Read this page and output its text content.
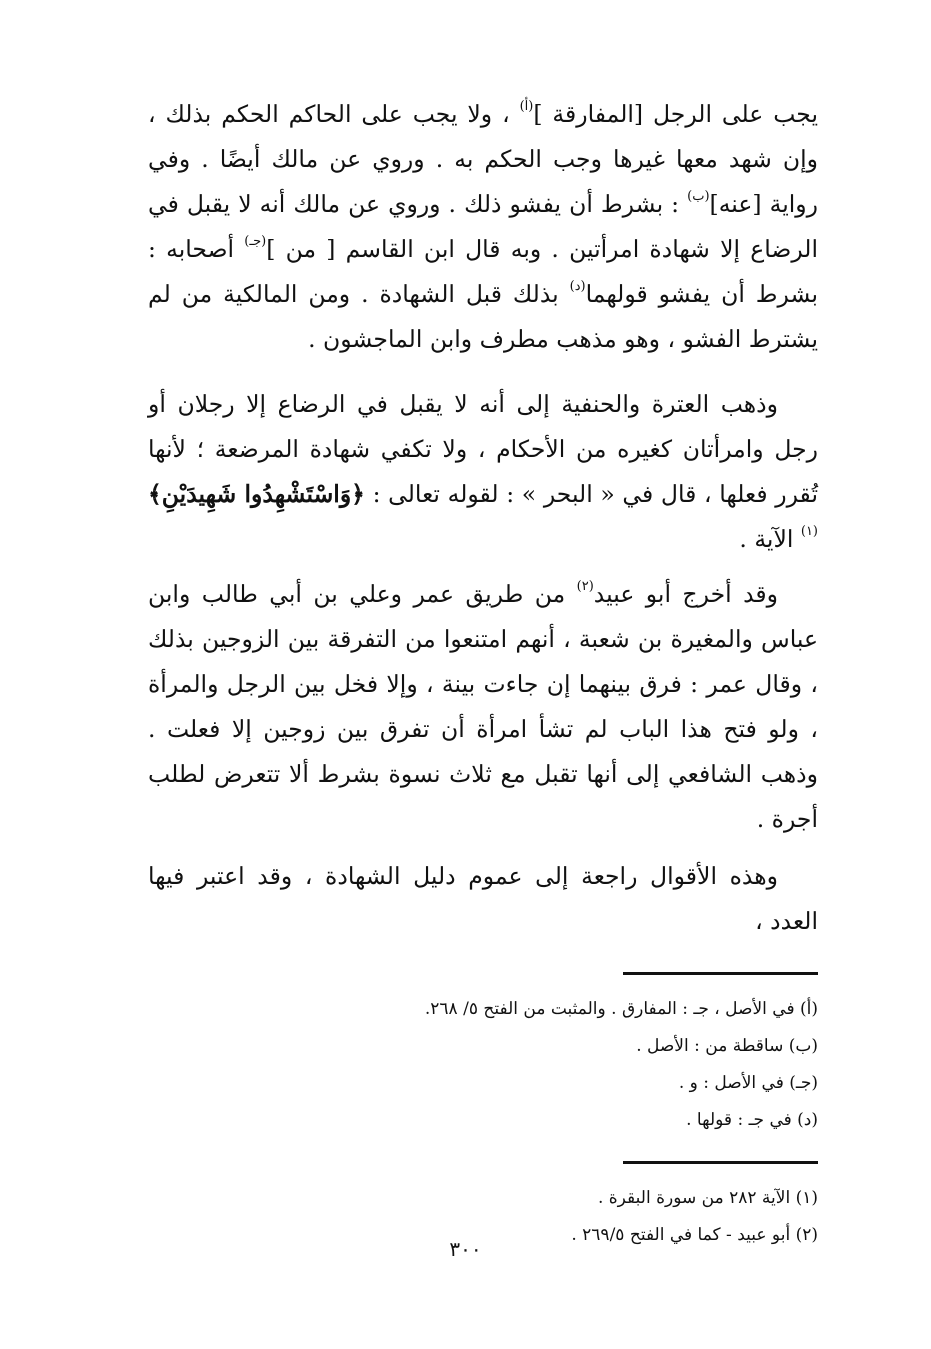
يجب على الرجل [المفارقة ]$^{(أ)}$ ، ولا يجب على الحاكم الحكم بذلك ، وإن شهد معها غيرها وجب الحكم به . وروي عن مالك أيضًا . وفي رواية [عنه]$^{(ب)}$ : بشرط أن يفشو ذلك . وروي عن مالك أنه لا يقبل في الرضاع إلا شهادة امرأتين . وبه قال ابن القاسم [ من ]$^{(جـ)}$ أصحابه : بشرط أن يفشو قولهما$^{(د)}$ بذلك قبل الشهادة . ومن المالكية من لم يشترط الفشو ، وهو مذهب مطرف وابن الماجشون .

وذهب العترة والحنفية إلى أنه لا يقبل في الرضاع إلا رجلان أو رجل وامرأتان كغيره من الأحكام ، ولا تكفي شهادة المرضعة ؛ لأنها تُقرر فعلها ، قال في « البحر » : لقوله تعالى : ﴿وَاسْتَشْهِدُوا شَهِيدَيْنِ﴾$^{(١)}$ الآية .

وقد أخرج أبو عبيد$^{(٢)}$ من طريق عمر وعلي بن أبي طالب وابن عباس والمغيرة بن شعبة ، أنهم امتنعوا من التفرقة بين الزوجين بذلك ، وقال عمر : فرق بينهما إن جاءت بينة ، وإلا فخل بين الرجل والمرأة ، ولو فتح هذا الباب لم تشأ امرأة أن تفرق بين زوجين إلا فعلت . وذهب الشافعي إلى أنها تقبل مع ثلاث نسوة بشرط ألا تتعرض لطلب أجرة .

وهذه الأقوال راجعة إلى عموم دليل الشهادة ، وقد اعتبر فيها العدد ،

(أ) في الأصل ، جـ : المفارق . والمثبت من الفتح ٥/ ٢٦٨.

(ب) ساقطة من : الأصل .

(جـ) في الأصل : و .

(د) في جـ : قولها .

(١) الآية ٢٨٢ من سورة البقرة .

(٢) أبو عبيد - كما في الفتح ٢٦٩/٥ .

٣٠٠
